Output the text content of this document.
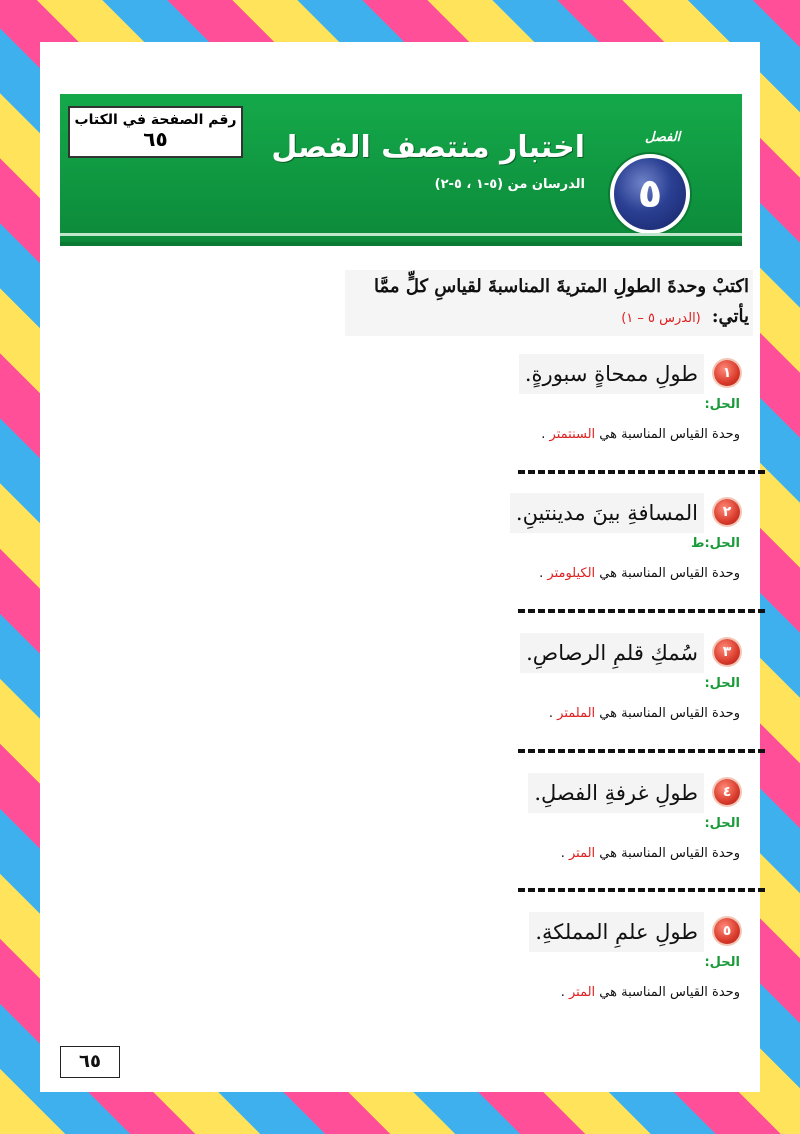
رقم الصفحة في الكتاب
٦٥	اختبار منتصف الفصل
الدرسان من (٥-١ ، ٥-٢)
الفصل
٥
اكتبْ وحدةَ الطولِ المتريةَ المناسبةَ لقياسِ كلٍّ ممَّا
يأتي: (الدرس ٥ – ١)
١
طولِ ممحاةٍ سبورةٍ.
الحل:
وحدة القياس المناسبة هي السنتمتر .
٢
المسافةِ بينَ مدينتينِ.
الحل:ط
وحدة القياس المناسبة هي الكيلومتر .
٣
سُمكِ قلمِ الرصاصِ.
الحل:
وحدة القياس المناسبة هي الملمتر .
٤
طولِ غرفةِ الفصلِ.
الحل:
وحدة القياس المناسبة هي المتر .
٥
طولِ علمِ المملكةِ.
الحل:
وحدة القياس المناسبة هي المتر .
٦٥
